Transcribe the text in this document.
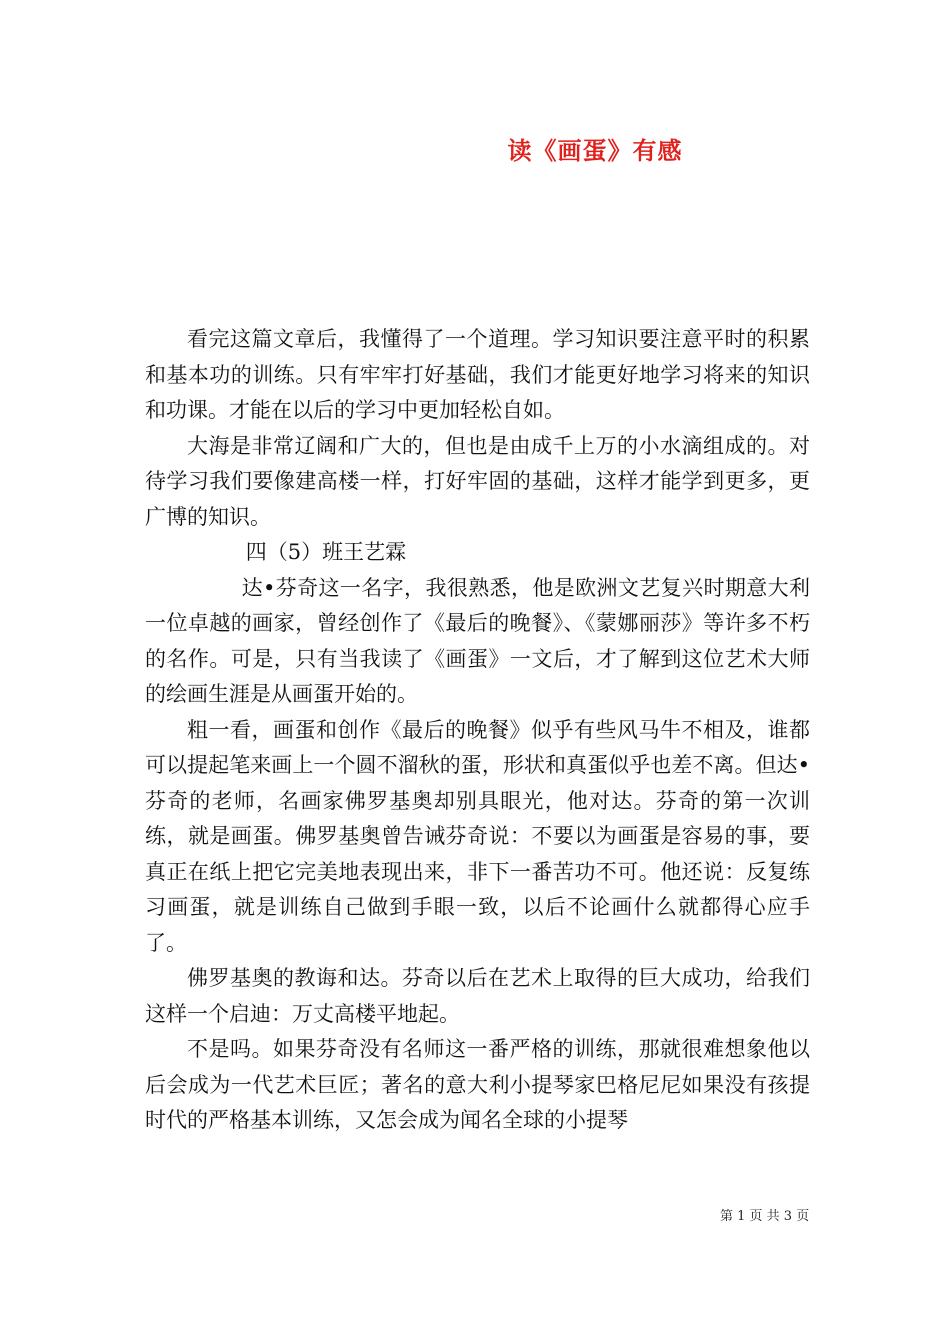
读《画蛋》有感

看完这篇文章后，我懂得了一个道理。学习知识要注意平时的积累和基本功的训练。只有牢牢打好基础，我们才能更好地学习将来的知识和功课。才能在以后的学习中更加轻松自如。

大海是非常辽阔和广大的，但也是由成千上万的小水滴组成的。对待学习我们要像建高楼一样，打好牢固的基础，这样才能学到更多，更广博的知识。

四（5）班王艺霖

达•芬奇这一名字，我很熟悉，他是欧洲文艺复兴时期意大利一位卓越的画家，曾经创作了《最后的晚餐》、《蒙娜丽莎》等许多不朽的名作。可是，只有当我读了《画蛋》一文后，才了解到这位艺术大师的绘画生涯是从画蛋开始的。

粗一看，画蛋和创作《最后的晚餐》似乎有些风马牛不相及，谁都可以提起笔来画上一个圆不溜秋的蛋，形状和真蛋似乎也差不离。但达•芬奇的老师，名画家佛罗基奥却别具眼光，他对达。芬奇的第一次训练，就是画蛋。佛罗基奥曾告诫芬奇说：不要以为画蛋是容易的事，要真正在纸上把它完美地表现出来，非下一番苦功不可。他还说：反复练习画蛋，就是训练自己做到手眼一致，以后不论画什么就都得心应手了。

佛罗基奥的教诲和达。芬奇以后在艺术上取得的巨大成功，给我们这样一个启迪：万丈高楼平地起。

不是吗。如果芬奇没有名师这一番严格的训练，那就很难想象他以后会成为一代艺术巨匠；著名的意大利小提琴家巴格尼尼如果没有孩提时代的严格基本训练，又怎会成为闻名全球的小提琴

第 1 页 共 3 页
